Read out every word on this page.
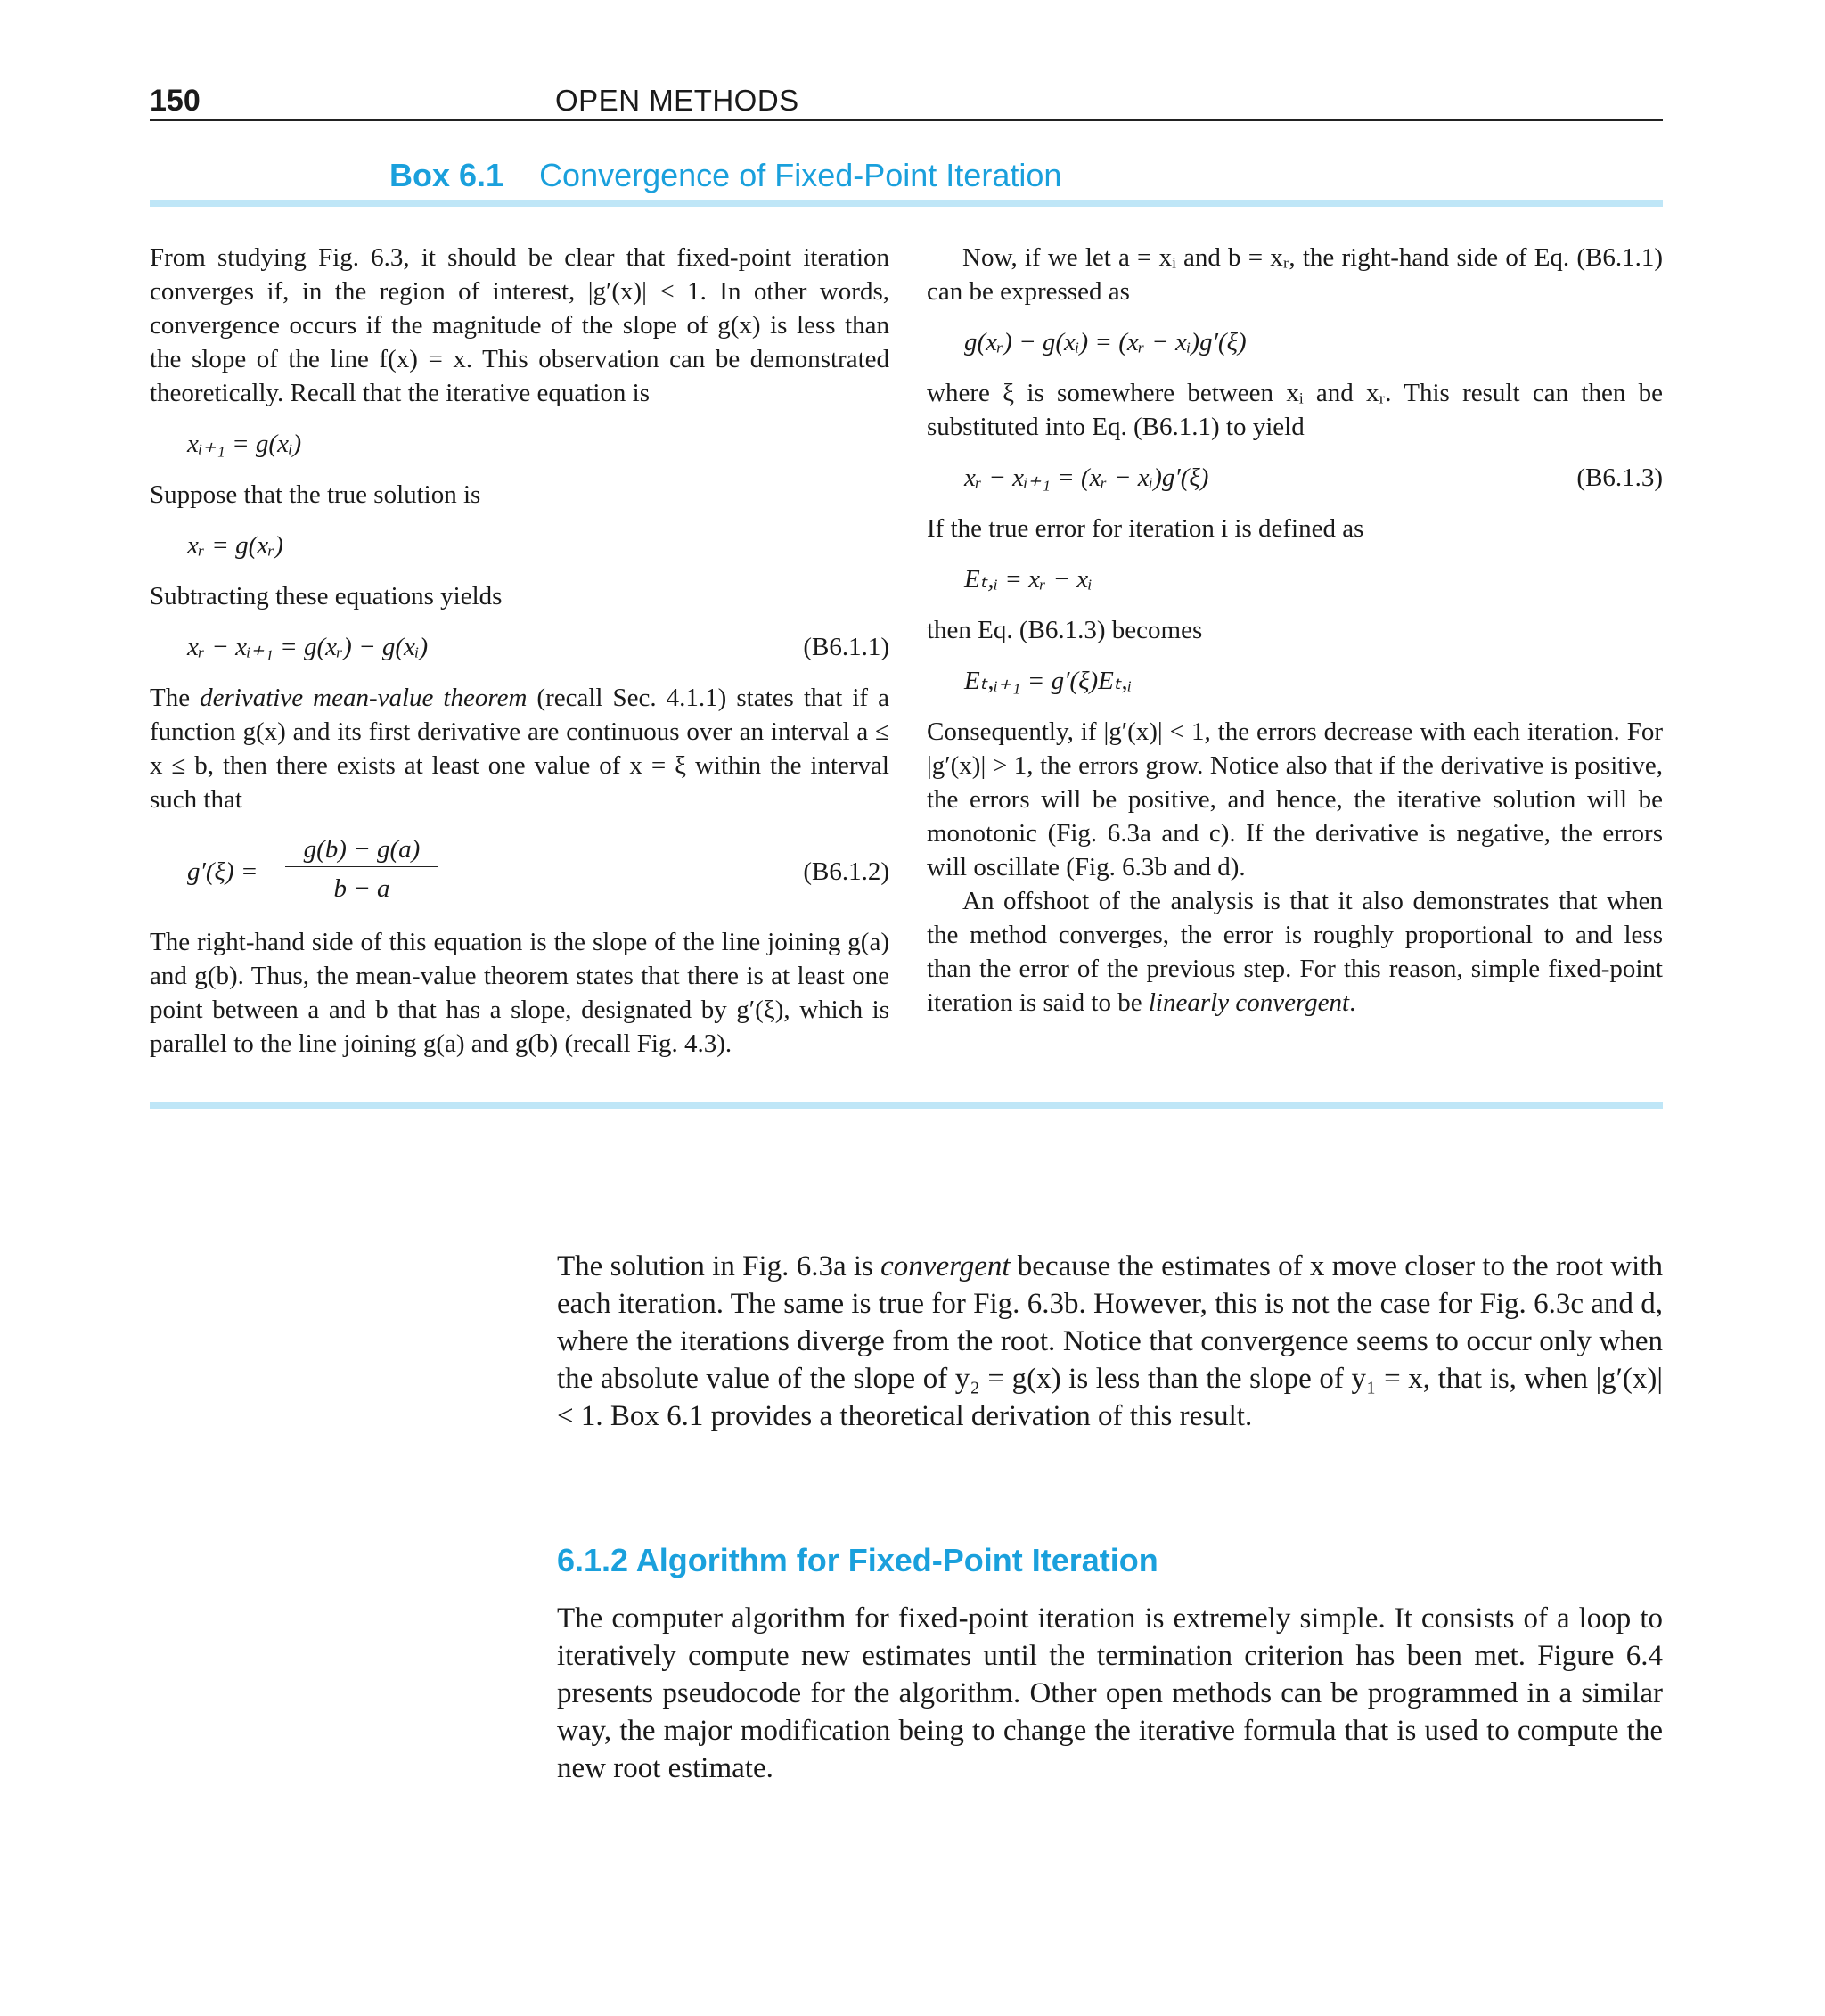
150	OPEN METHODS
Box 6.1 Convergence of Fixed-Point Iteration

From studying Fig. 6.3, it should be clear that fixed-point iteration converges if, in the region of interest, |g′(x)| < 1. In other words, convergence occurs if the magnitude of the slope of g(x) is less than the slope of the line f(x) = x. This observation can be demonstrated theoretically. Recall that the iterative equation is

xᵢ₊₁ = g(xᵢ)

Suppose that the true solution is

xᵣ = g(xᵣ)

Subtracting these equations yields

xᵣ − xᵢ₊₁ = g(xᵣ) − g(xᵢ)	(B6.1.1)

The derivative mean-value theorem (recall Sec. 4.1.1) states that if a function g(x) and its first derivative are continuous over an interval a ≤ x ≤ b, then there exists at least one value of x = ξ within the interval such that

g′(ξ) =
g(b) − g(a)
b − a
(B6.1.2)

The right-hand side of this equation is the slope of the line joining g(a) and g(b). Thus, the mean-value theorem states that there is at least one point between a and b that has a slope, designated by g′(ξ), which is parallel to the line joining g(a) and g(b) (recall Fig. 4.3).

Now, if we let a = xᵢ and b = xᵣ, the right-hand side of Eq. (B6.1.1) can be expressed as

g(xᵣ) − g(xᵢ) = (xᵣ − xᵢ)g′(ξ)

where ξ is somewhere between xᵢ and xᵣ. This result can then be substituted into Eq. (B6.1.1) to yield

xᵣ − xᵢ₊₁ = (xᵣ − xᵢ)g′(ξ)	(B6.1.3)

If the true error for iteration i is defined as

Eₜ,ᵢ = xᵣ − xᵢ

then Eq. (B6.1.3) becomes

Eₜ,ᵢ₊₁ = g′(ξ)Eₜ,ᵢ

Consequently, if |g′(x)| < 1, the errors decrease with each iteration. For |g′(x)| > 1, the errors grow. Notice also that if the derivative is positive, the errors will be positive, and hence, the iterative solution will be monotonic (Fig. 6.3a and c). If the derivative is negative, the errors will oscillate (Fig. 6.3b and d).

An offshoot of the analysis is that it also demonstrates that when the method converges, the error is roughly proportional to and less than the error of the previous step. For this reason, simple fixed-point iteration is said to be linearly convergent.

The solution in Fig. 6.3a is convergent because the estimates of x move closer to the root with each iteration. The same is true for Fig. 6.3b. However, this is not the case for Fig. 6.3c and d, where the iterations diverge from the root. Notice that convergence seems to occur only when the absolute value of the slope of y₂ = g(x) is less than the slope of y₁ = x, that is, when |g′(x)| < 1. Box 6.1 provides a theoretical derivation of this result.

6.1.2 Algorithm for Fixed-Point Iteration

The computer algorithm for fixed-point iteration is extremely simple. It consists of a loop to iteratively compute new estimates until the termination criterion has been met. Figure 6.4 presents pseudocode for the algorithm. Other open methods can be programmed in a similar way, the major modification being to change the iterative formula that is used to compute the new root estimate.
